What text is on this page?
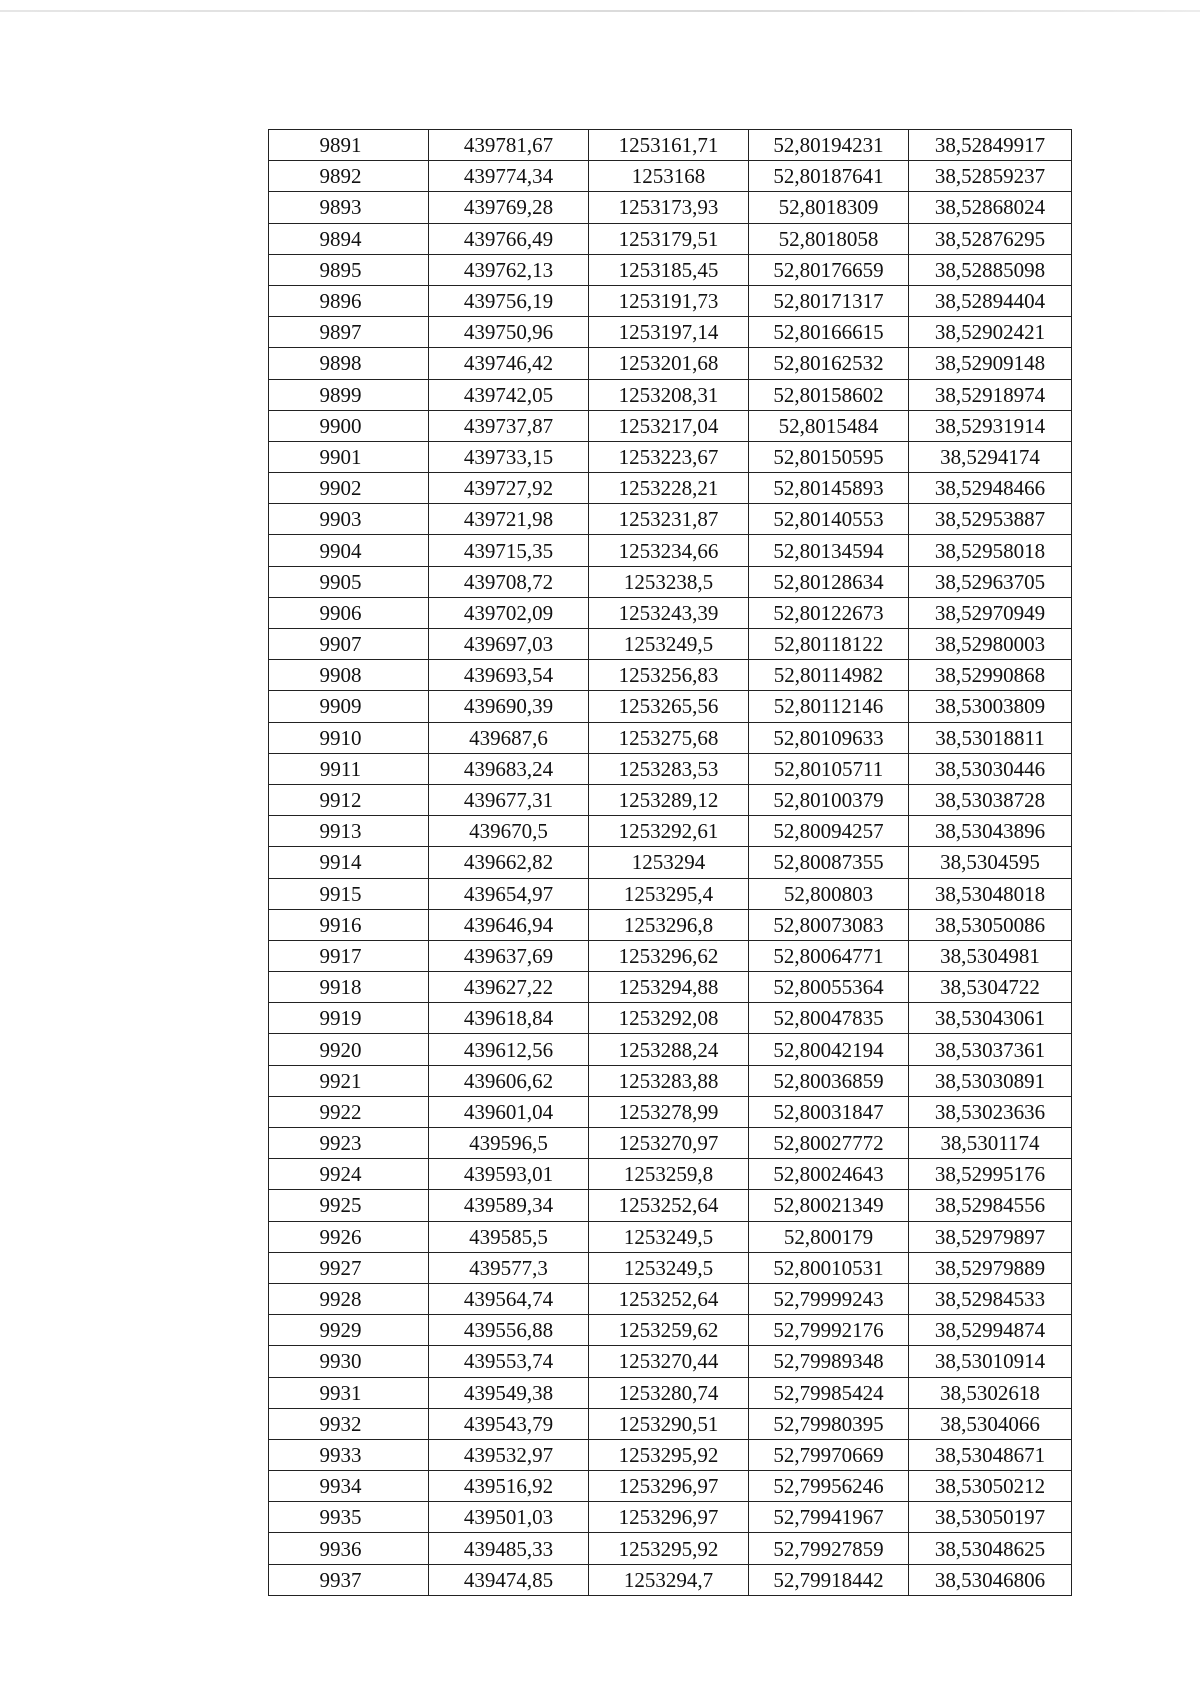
9891	439781,67	1253161,71	52,80194231	38,52849917
9892	439774,34	1253168	52,80187641	38,52859237
9893	439769,28	1253173,93	52,8018309	38,52868024
9894	439766,49	1253179,51	52,8018058	38,52876295
9895	439762,13	1253185,45	52,80176659	38,52885098
9896	439756,19	1253191,73	52,80171317	38,52894404
9897	439750,96	1253197,14	52,80166615	38,52902421
9898	439746,42	1253201,68	52,80162532	38,52909148
9899	439742,05	1253208,31	52,80158602	38,52918974
9900	439737,87	1253217,04	52,8015484	38,52931914
9901	439733,15	1253223,67	52,80150595	38,5294174
9902	439727,92	1253228,21	52,80145893	38,52948466
9903	439721,98	1253231,87	52,80140553	38,52953887
9904	439715,35	1253234,66	52,80134594	38,52958018
9905	439708,72	1253238,5	52,80128634	38,52963705
9906	439702,09	1253243,39	52,80122673	38,52970949
9907	439697,03	1253249,5	52,80118122	38,52980003
9908	439693,54	1253256,83	52,80114982	38,52990868
9909	439690,39	1253265,56	52,80112146	38,53003809
9910	439687,6	1253275,68	52,80109633	38,53018811
9911	439683,24	1253283,53	52,80105711	38,53030446
9912	439677,31	1253289,12	52,80100379	38,53038728
9913	439670,5	1253292,61	52,80094257	38,53043896
9914	439662,82	1253294	52,80087355	38,5304595
9915	439654,97	1253295,4	52,800803	38,53048018
9916	439646,94	1253296,8	52,80073083	38,53050086
9917	439637,69	1253296,62	52,80064771	38,5304981
9918	439627,22	1253294,88	52,80055364	38,5304722
9919	439618,84	1253292,08	52,80047835	38,53043061
9920	439612,56	1253288,24	52,80042194	38,53037361
9921	439606,62	1253283,88	52,80036859	38,53030891
9922	439601,04	1253278,99	52,80031847	38,53023636
9923	439596,5	1253270,97	52,80027772	38,5301174
9924	439593,01	1253259,8	52,80024643	38,52995176
9925	439589,34	1253252,64	52,80021349	38,52984556
9926	439585,5	1253249,5	52,800179	38,52979897
9927	439577,3	1253249,5	52,80010531	38,52979889
9928	439564,74	1253252,64	52,79999243	38,52984533
9929	439556,88	1253259,62	52,79992176	38,52994874
9930	439553,74	1253270,44	52,79989348	38,53010914
9931	439549,38	1253280,74	52,79985424	38,5302618
9932	439543,79	1253290,51	52,79980395	38,5304066
9933	439532,97	1253295,92	52,79970669	38,53048671
9934	439516,92	1253296,97	52,79956246	38,53050212
9935	439501,03	1253296,97	52,79941967	38,53050197
9936	439485,33	1253295,92	52,79927859	38,53048625
9937	439474,85	1253294,7	52,79918442	38,53046806
